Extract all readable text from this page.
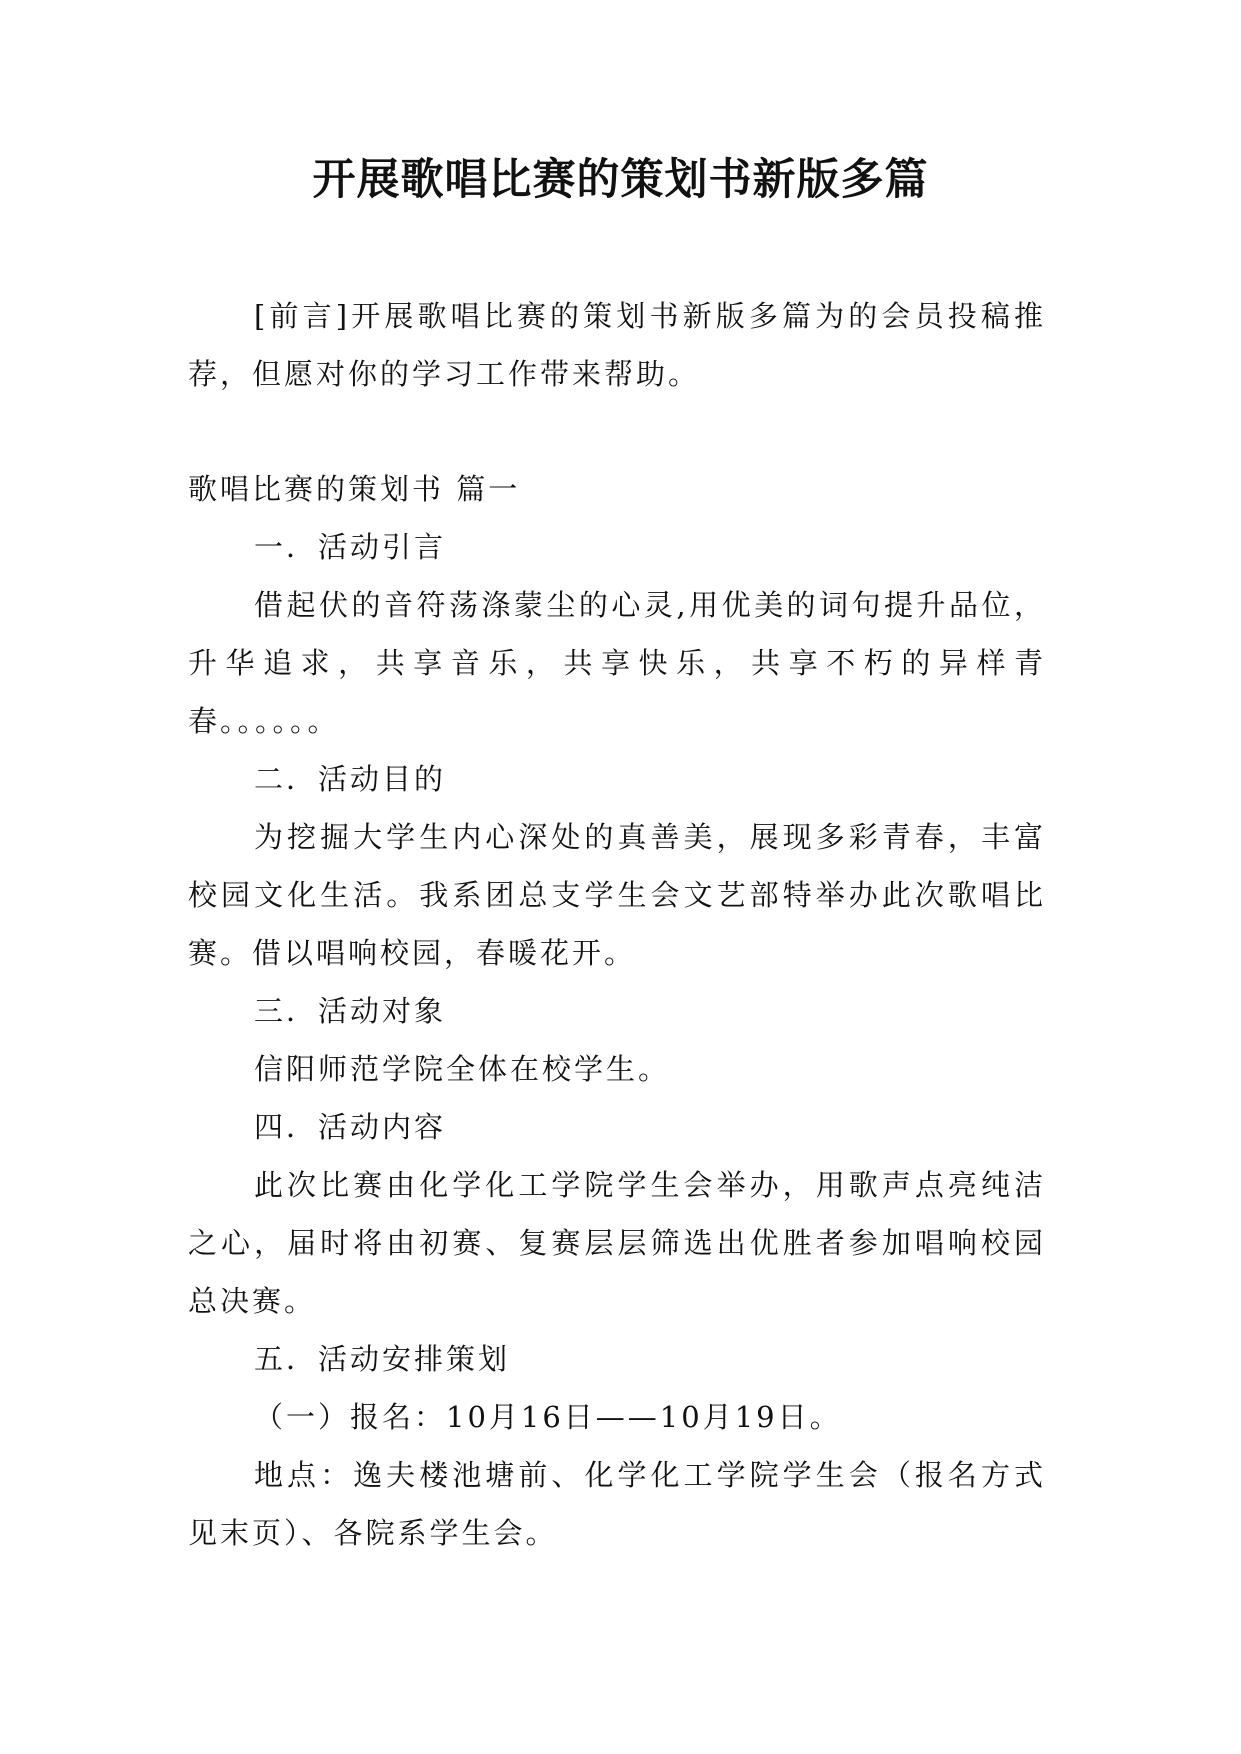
开展歌唱比赛的策划书新版多篇

[前言]开展歌唱比赛的策划书新版多篇为的会员投稿推荐，但愿对你的学习工作带来帮助。

歌唱比赛的策划书 篇一

一．活动引言

借起伏的音符荡涤蒙尘的心灵,用优美的词句提升品位，升华追求，共享音乐，共享快乐，共享不朽的异样青春。。。。。。

二．活动目的

为挖掘大学生内心深处的真善美，展现多彩青春，丰富校园文化生活。我系团总支学生会文艺部特举办此次歌唱比赛。借以唱响校园，春暖花开。

三．活动对象

信阳师范学院全体在校学生。

四．活动内容

此次比赛由化学化工学院学生会举办，用歌声点亮纯洁之心，届时将由初赛、复赛层层筛选出优胜者参加唱响校园总决赛。

五．活动安排策划

（一）报名：10月16日——10月19日。

地点：逸夫楼池塘前、化学化工学院学生会（报名方式见末页）、各院系学生会。
